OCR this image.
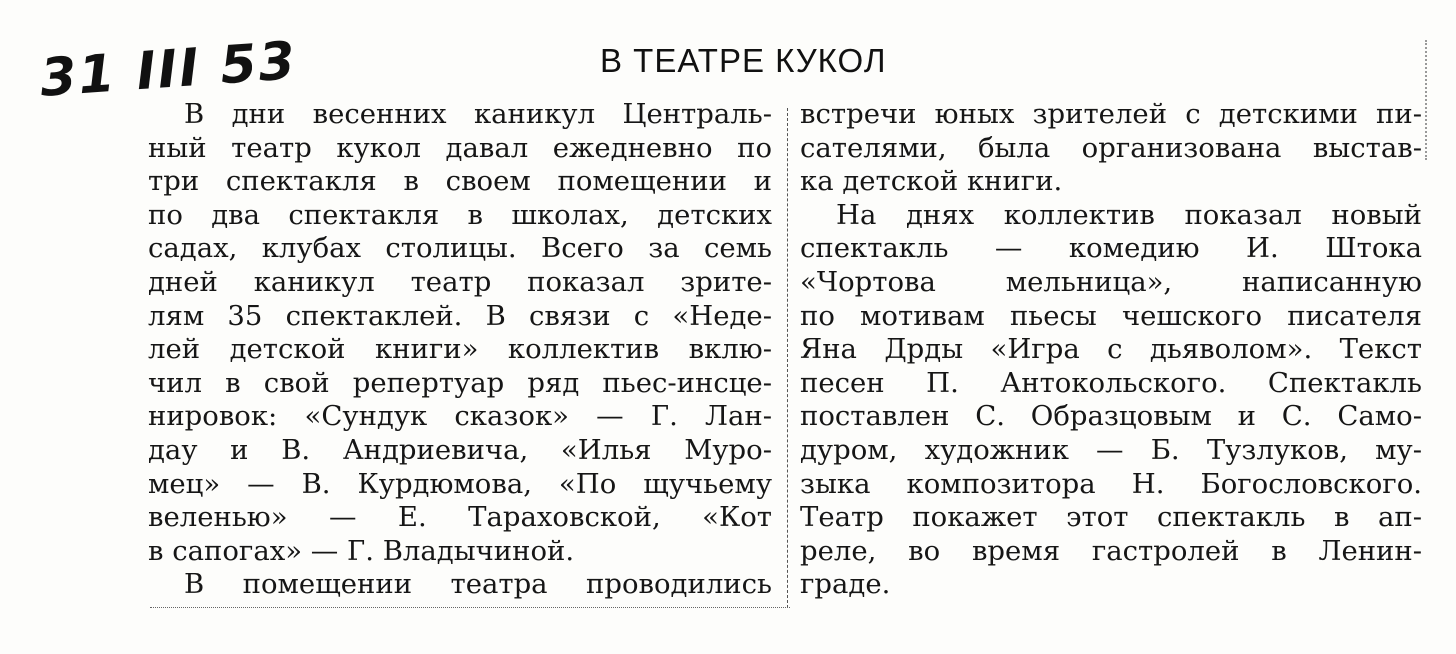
31 III 53	В ТЕАТРЕ КУКОЛ
В дни весенних каникул Централь-
ный театр кукол давал ежедневно по
три спектакля в своем помещении и
по два спектакля в школах, детских
садах, клубах столицы. Всего за семь
дней каникул театр показал зрите-
лям 35 спектаклей. В связи с «Неде-
лей детской книги» коллектив вклю-
чил в свой репертуар ряд пьес-инсце-
нировок: «Сундук сказок» — Г. Лан-
дау и В. Андриевича, «Илья Муро-
мец» — В. Курдюмова, «По щучьему
веленью» — Е. Тараховской, «Кот
в сапогах» — Г. Владычиной.
В помещении театра проводились
встречи юных зрителей с детскими пи-
сателями, была организована выстав-
ка детской книги.
На днях коллектив показал новый
спектакль — комедию И. Штока
«Чортова мельница», написанную
по мотивам пьесы чешского писателя
Яна Дрды «Игра с дьяволом». Текст
песен П. Антокольского. Спектакль
поставлен С. Образцовым и С. Само-
дуром, художник — Б. Тузлуков, му-
зыка композитора Н. Богословского.
Театр покажет этот спектакль в ап-
реле, во время гастролей в Ленин-
граде.
